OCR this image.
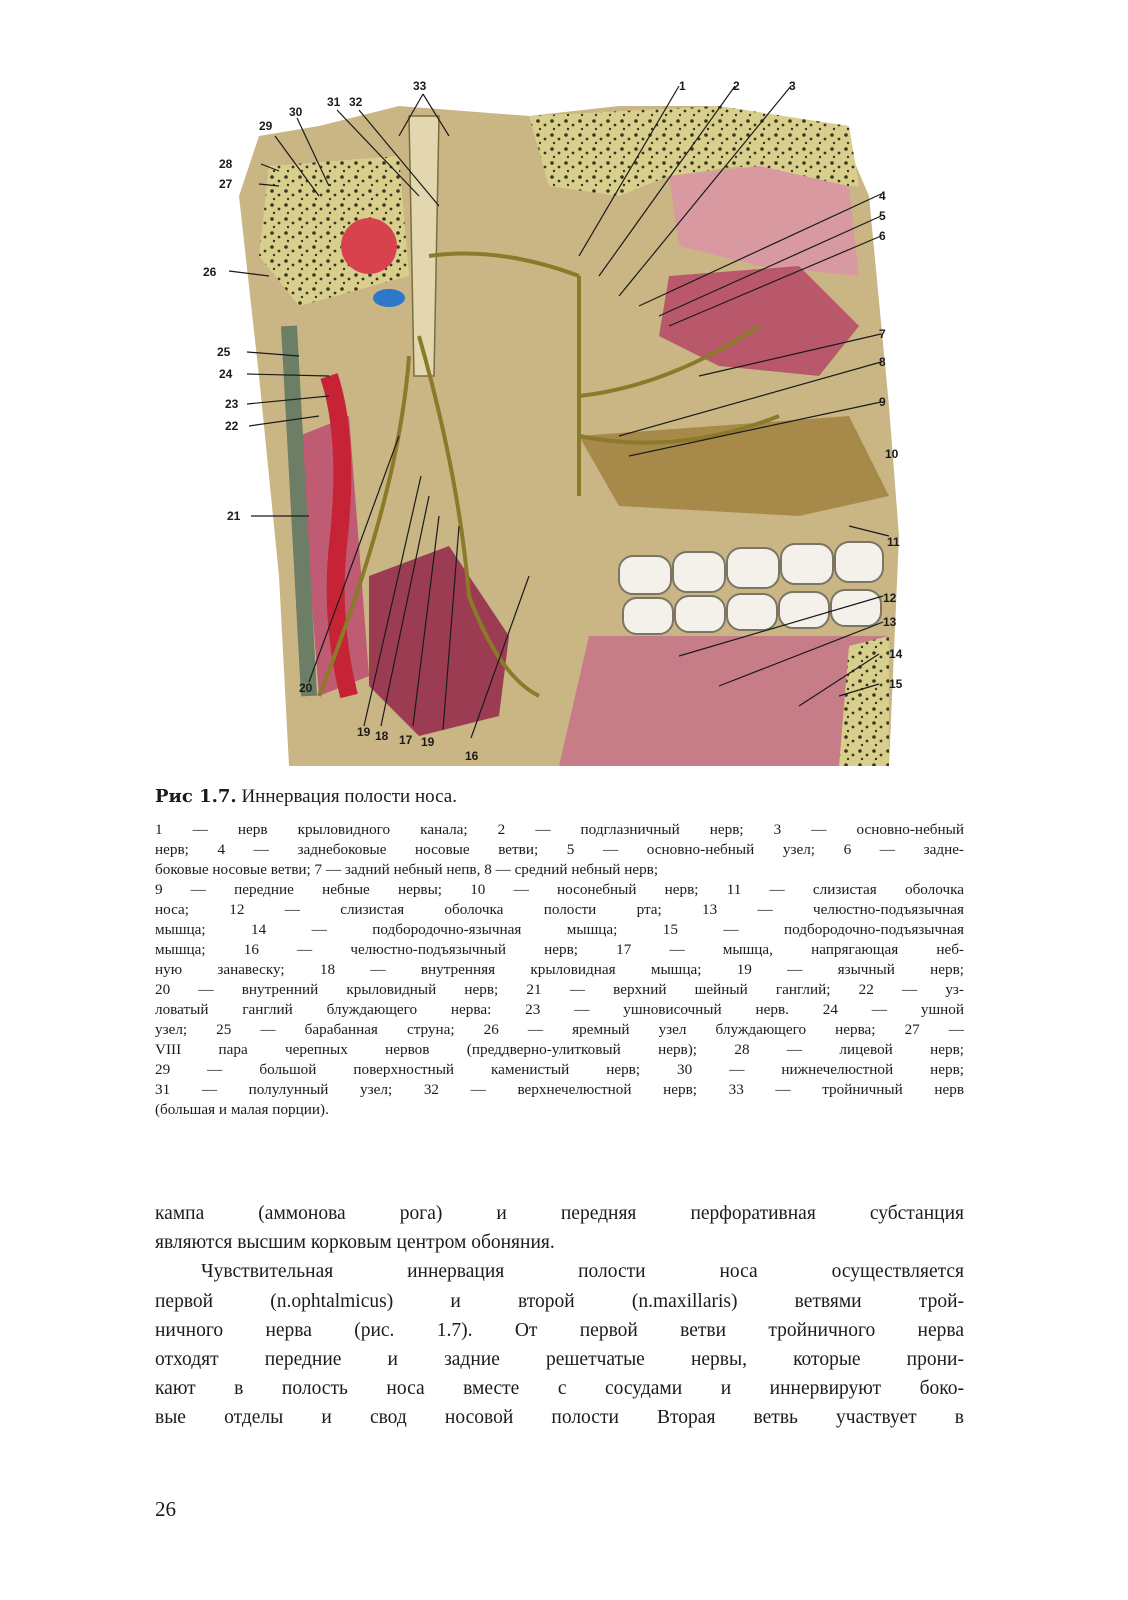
1	2	3
4
5
6
7
8
9
10
11
12
13
14
15
16
17
18
19
19
20
21
22
23
24
25
26
27
28
29
30
31 32
33
Рис 1.7. Иннервация полости носа.
1 — нерв крыловидного канала; 2 — подглазничный нерв; 3 — основно-небный
нерв; 4 — заднебоковые носовые ветви; 5 — основно-небный узел; 6 — задне-
боковые носовые ветви; 7 — задний небный непв, 8 — средний небный нерв;
9 — передние небные нервы; 10 — носонебный нерв; 11 — слизистая оболочка
носа; 12 — слизистая оболочка полости рта; 13 — челюстно-подъязычная
мышца; 14 — подбородочно-язычная мышца; 15 — подбородочно-подъязычная
мышца; 16 — челюстно-подъязычный нерв; 17 — мышца, напрягающая неб-
ную занавеску; 18 — внутренняя крыловидная мышца; 19 — язычный нерв;
20 — внутренний крыловидный нерв; 21 — верхний шейный ганглий; 22 — уз-
ловатый ганглий блуждающего нерва: 23 — ушновисочный нерв. 24 — ушной
узел; 25 — барабанная струна; 26 — яремный узел блуждающего нерва; 27 —
VIII пара черепных нервов (преддверно-улитковый нерв); 28 — лицевой нерв;
29 — большой поверхностный каменистый нерв; 30 — нижнечелюстной нерв;
31 — полулунный узел; 32 — верхнечелюстной нерв; 33 — тройничный нерв
(большая и малая порции).
кампа (аммонова рога) и передняя перфоративная субстанция
являются высшим корковым центром обоняния.
Чувствительная иннервация полости носа осуществляется
первой (n.ophtalmicus) и второй (n.maxillaris) ветвями трой-
ничного нерва (рис. 1.7). От первой ветви тройничного нерва
отходят передние и задние решетчатые нервы, которые прони-
кают в полость носа вместе с сосудами и иннервируют боко-
вые отделы и свод носовой полости Вторая ветвь участвует в
26
